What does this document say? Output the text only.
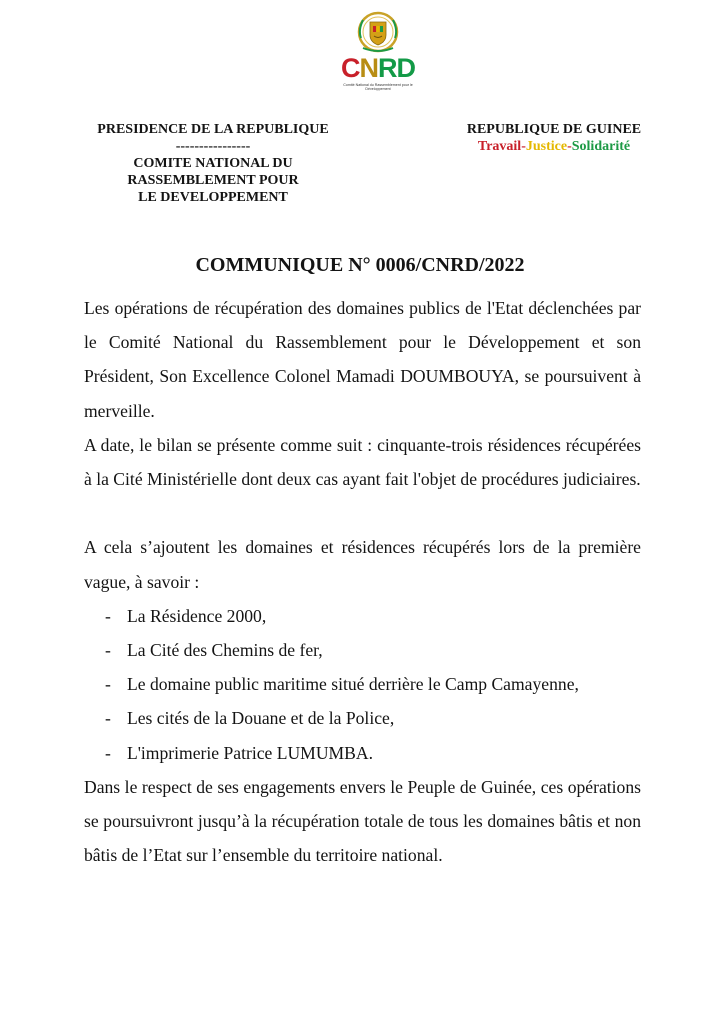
CNRD
Comité National du Rassemblement pour le Développement
PRESIDENCE DE LA REPUBLIQUE
----------------
COMITE NATIONAL DU
RASSEMBLEMENT POUR
LE DEVELOPPEMENT
REPUBLIQUE DE GUINEE
Travail-Justice-Solidarité
COMMUNIQUE N° 0006/CNRD/2022

Les opérations de récupération des domaines publics de l'Etat déclenchées par le Comité National du Rassemblement pour le Développement et son Président, Son Excellence Colonel Mamadi DOUMBOUYA, se poursuivent à merveille.

A date, le bilan se présente comme suit : cinquante-trois résidences récupérées à la Cité Ministérielle dont deux cas ayant fait l'objet de procédures judiciaires.

A cela s’ajoutent les domaines et résidences récupérés lors de la première vague, à savoir :

- La Résidence 2000,
- La Cité des Chemins de fer,
- Le domaine public maritime situé derrière le Camp Camayenne,
- Les cités de la Douane et de la Police,
- L'imprimerie Patrice LUMUMBA.

Dans le respect de ses engagements envers le Peuple de Guinée, ces opérations se poursuivront jusqu’à la récupération totale de tous les domaines bâtis et non bâtis de l’Etat sur l’ensemble du territoire national.
